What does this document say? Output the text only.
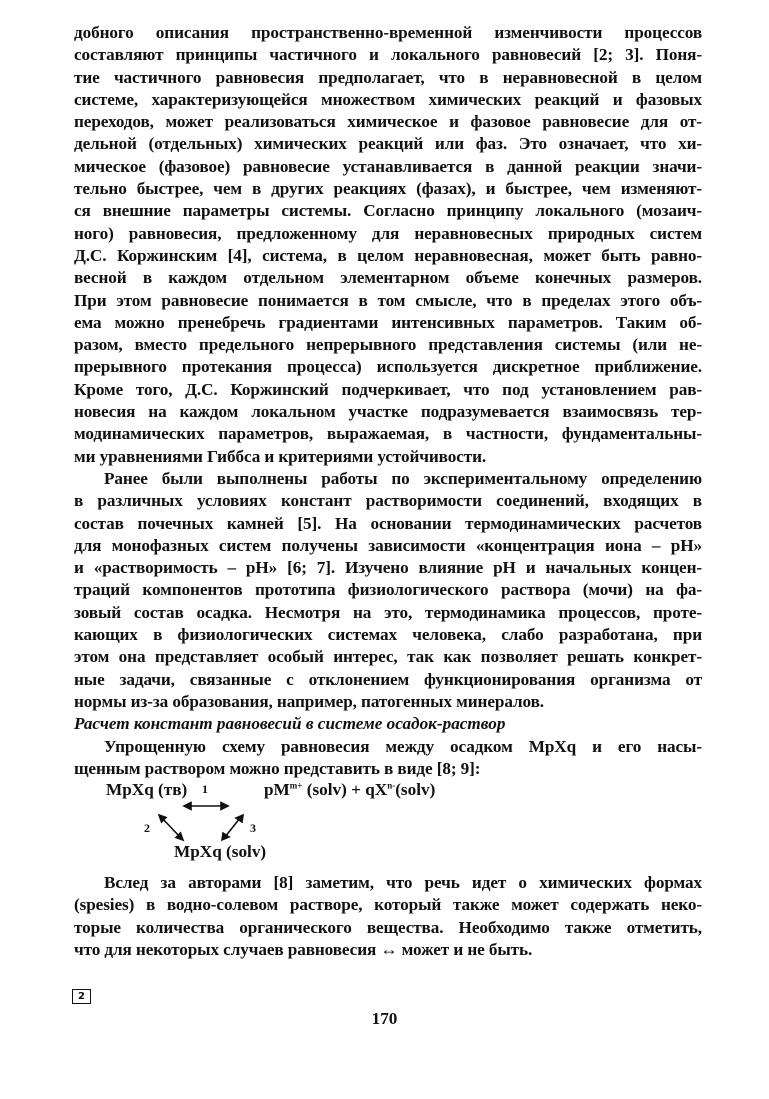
добного описания пространственно-временной изменчивости процессов
составляют принципы частичного и локального равновесий [2; 3]. Поня-
тие частичного равновесия предполагает, что в неравновесной в целом
системе, характеризующейся множеством химических реакций и фазовых
переходов, может реализоваться химическое и фазовое равновесие для от-
дельной (отдельных) химических реакций или фаз. Это означает, что хи-
мическое (фазовое) равновесие устанавливается в данной реакции значи-
тельно быстрее, чем в других реакциях (фазах), и быстрее, чем изменяют-
ся внешние параметры системы. Согласно принципу локального (мозаич-
ного) равновесия, предложенному для неравновесных природных систем
Д.С. Коржинским [4], система, в целом неравновесная, может быть равно-
весной в каждом отдельном элементарном объеме конечных размеров.
При этом равновесие понимается в том смысле, что в пределах этого объ-
ема можно пренебречь градиентами интенсивных параметров. Таким об-
разом, вместо предельного непрерывного представления системы (или не-
прерывного протекания процесса) используется дискретное приближение.
Кроме того, Д.С. Коржинский подчеркивает, что под установлением рав-
новесия на каждом локальном участке подразумевается взаимосвязь тер-
модинамических параметров, выражаемая, в частности, фундаментальны-
ми уравнениями Гиббса и критериями устойчивости.
Ранее были выполнены работы по экспериментальному определению
в различных условиях констант растворимости соединений, входящих в
состав почечных камней [5]. На основании термодинамических расчетов
для монофазных систем получены зависимости «концентрация иона – pH»
и «растворимость – pH» [6; 7]. Изучено влияние pH и начальных концен-
траций компонентов прототипа физиологического раствора (мочи) на фа-
зовый состав осадка. Несмотря на это, термодинамика процессов, проте-
кающих в физиологических системах человека, слабо разработана, при
этом она представляет особый интерес, так как позволяет решать конкрет-
ные задачи, связанные с отклонением функционирования организма от
нормы из-за образования, например, патогенных минералов.
Расчет констант равновесий в системе осадок-раствор
Упрощенную схему равновесия между осадком MpXq и его насы-
щенным раствором можно представить в виде [8; 9]:
MpXq (тв) 1	$pM^{m+}$ (solv) + $qX^{n-}(solv)$
2	3
MpXq (solv)
Вслед за авторами [8] заметим, что речь идет о химических формах
(spesies) в водно-солевом растворе, который также может содержать неко-
торые количества органического вещества. Необходимо также отметить,
что для некоторых случаев равновесия ↔ может и не быть.
2
170
